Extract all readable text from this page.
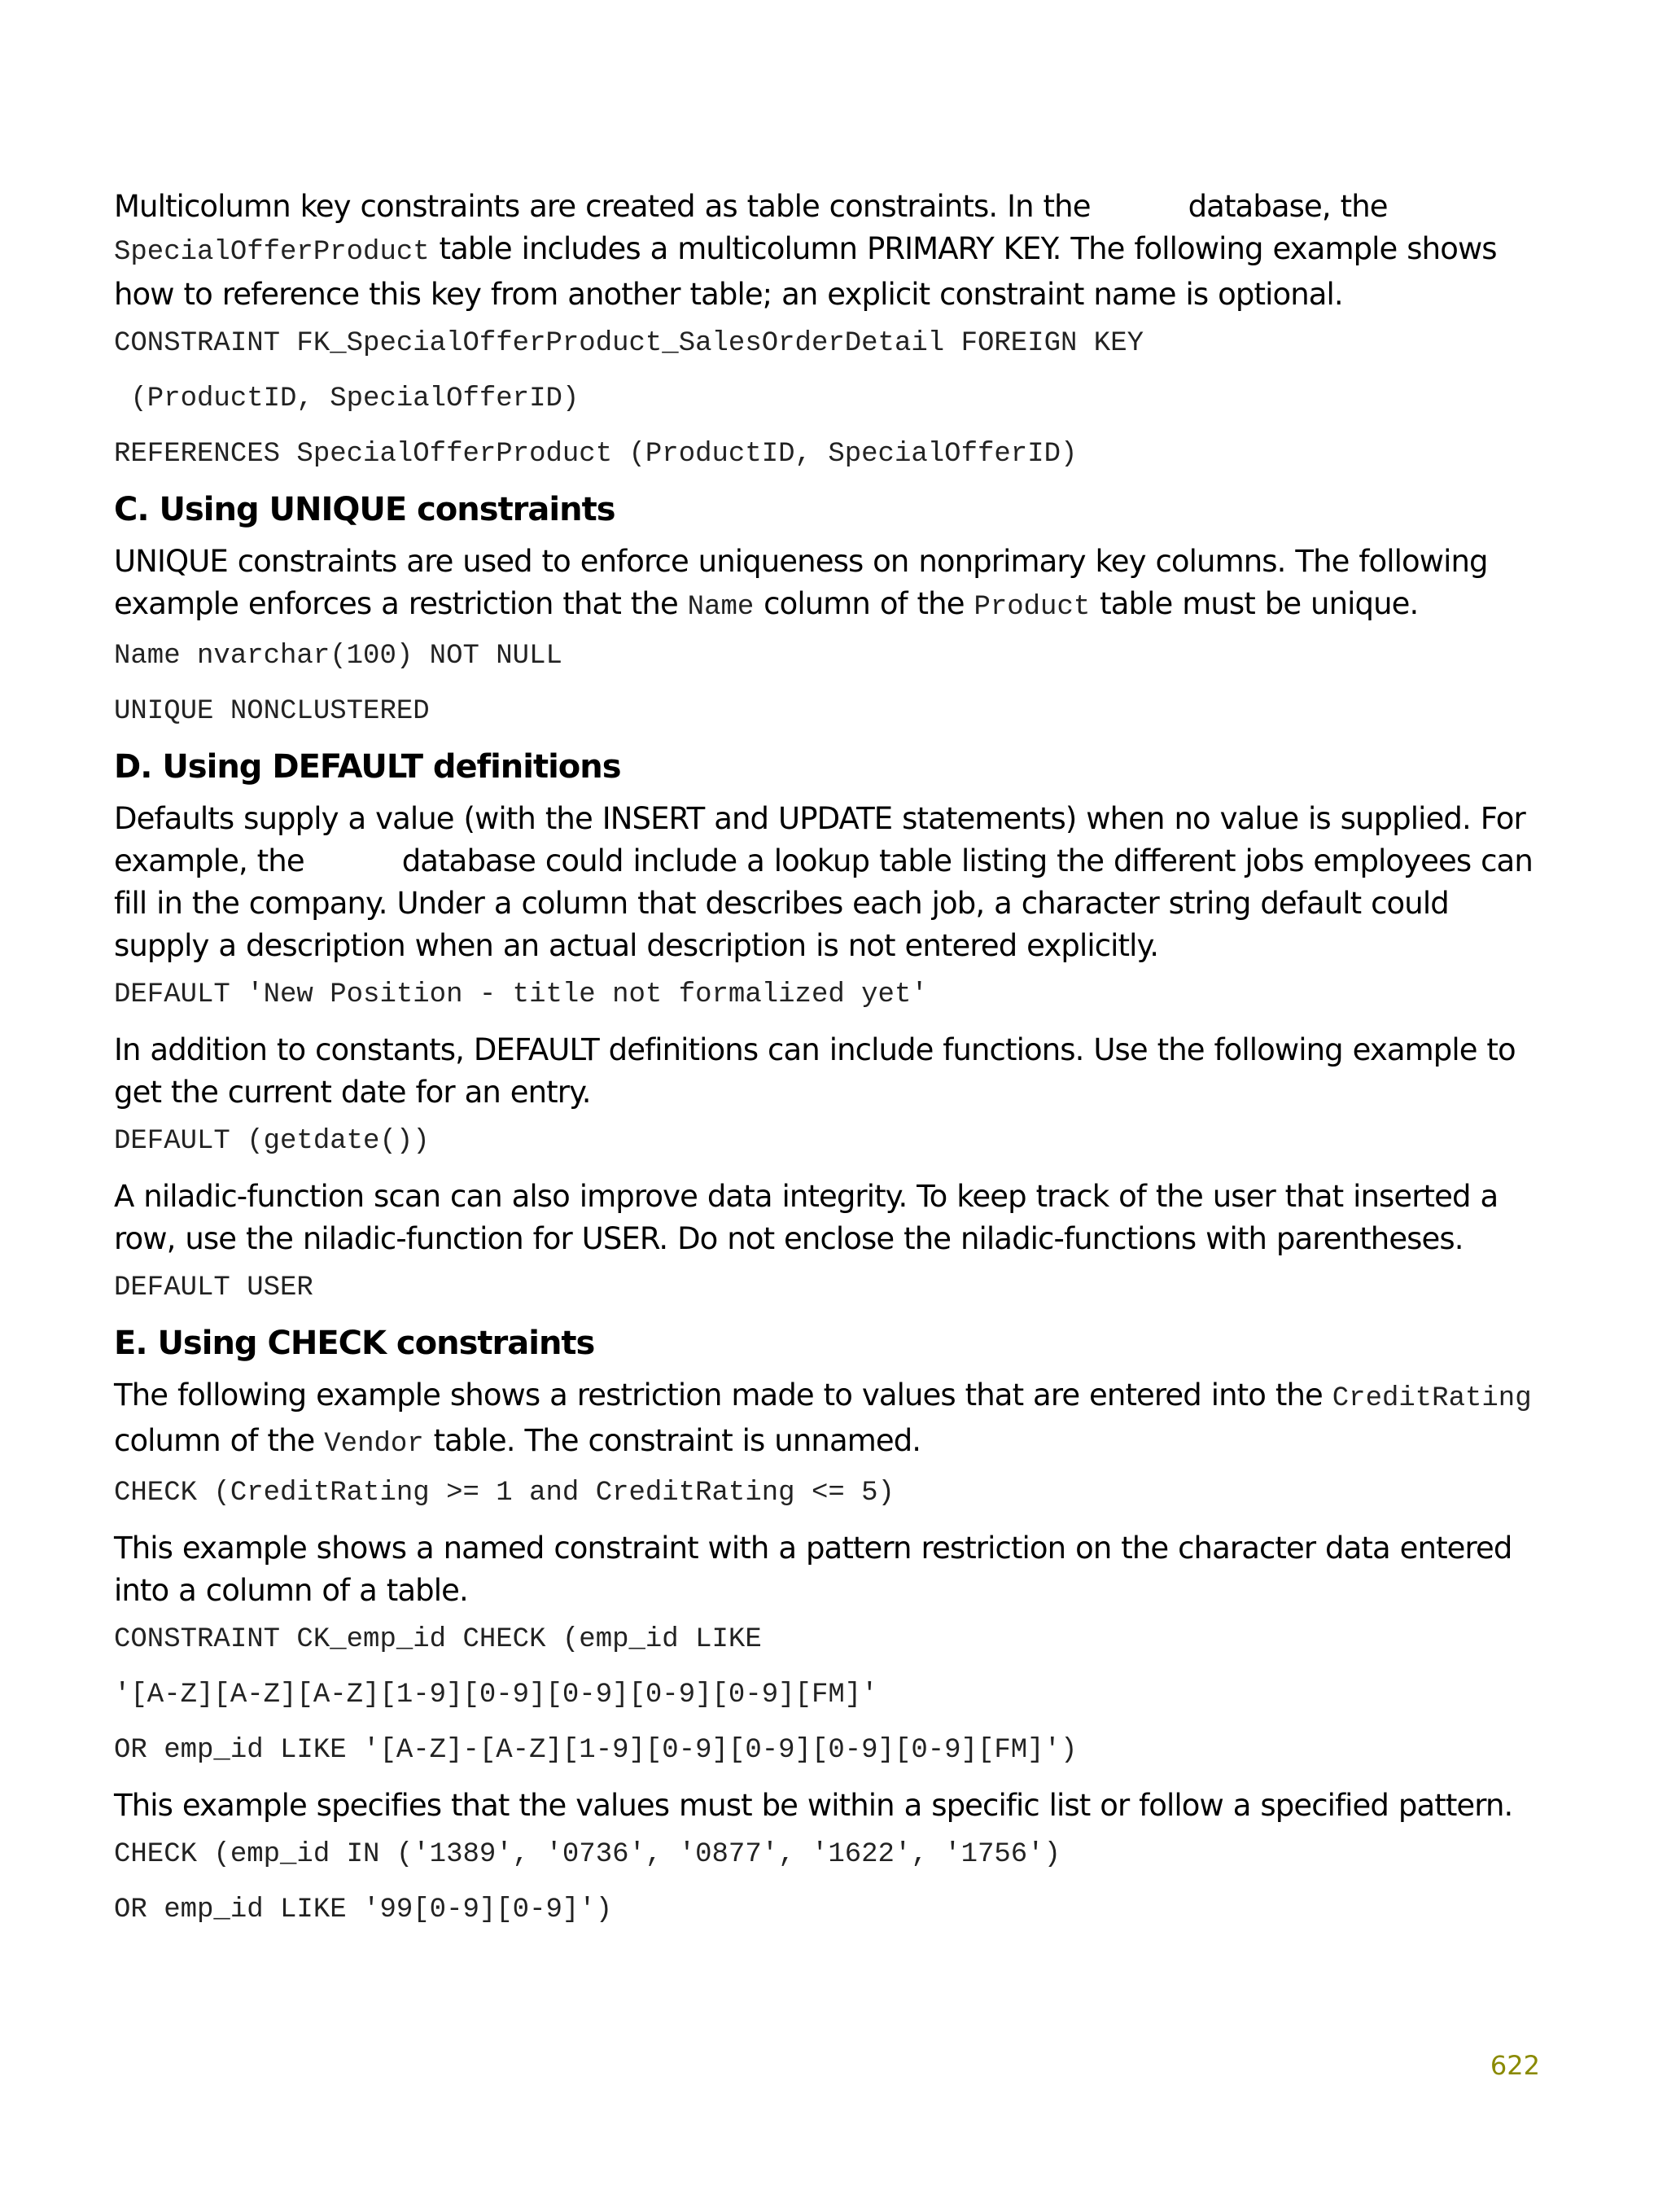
Multicolumn key constraints are created as table constraints. In the	database, the
SpecialOfferProduct table includes a multicolumn PRIMARY KEY. The following example shows how to reference this key from another table; an explicit constraint name is optional.

CONSTRAINT FK_SpecialOfferProduct_SalesOrderDetail FOREIGN KEY
(ProductID, SpecialOfferID)
REFERENCES SpecialOfferProduct (ProductID, SpecialOfferID)
C. Using UNIQUE constraints

UNIQUE constraints are used to enforce uniqueness on nonprimary key columns. The following example enforces a restriction that the Name column of the Product table must be unique.

Name nvarchar(100) NOT NULL
UNIQUE NONCLUSTERED
D. Using DEFAULT definitions

Defaults supply a value (with the INSERT and UPDATE statements) when no value is supplied. For example, the	database could include a lookup table listing the different jobs employees can fill in the company. Under a column that describes each job, a character string default could supply a description when an actual description is not entered explicitly.

DEFAULT 'New Position - title not formalized yet'

In addition to constants, DEFAULT definitions can include functions. Use the following example to get the current date for an entry.

DEFAULT (getdate())

A niladic-function scan can also improve data integrity. To keep track of the user that inserted a row, use the niladic-function for USER. Do not enclose the niladic-functions with parentheses.

DEFAULT USER
E. Using CHECK constraints

The following example shows a restriction made to values that are entered into the CreditRating column of the Vendor table. The constraint is unnamed.

CHECK (CreditRating >= 1 and CreditRating <= 5)

This example shows a named constraint with a pattern restriction on the character data entered into a column of a table.

CONSTRAINT CK_emp_id CHECK (emp_id LIKE
'[A-Z][A-Z][A-Z][1-9][0-9][0-9][0-9][0-9][FM]'
OR emp_id LIKE '[A-Z]-[A-Z][1-9][0-9][0-9][0-9][0-9][FM]')

This example specifies that the values must be within a specific list or follow a specified pattern.

CHECK (emp_id IN ('1389', '0736', '0877', '1622', '1756')
OR emp_id LIKE '99[0-9][0-9]')
622
